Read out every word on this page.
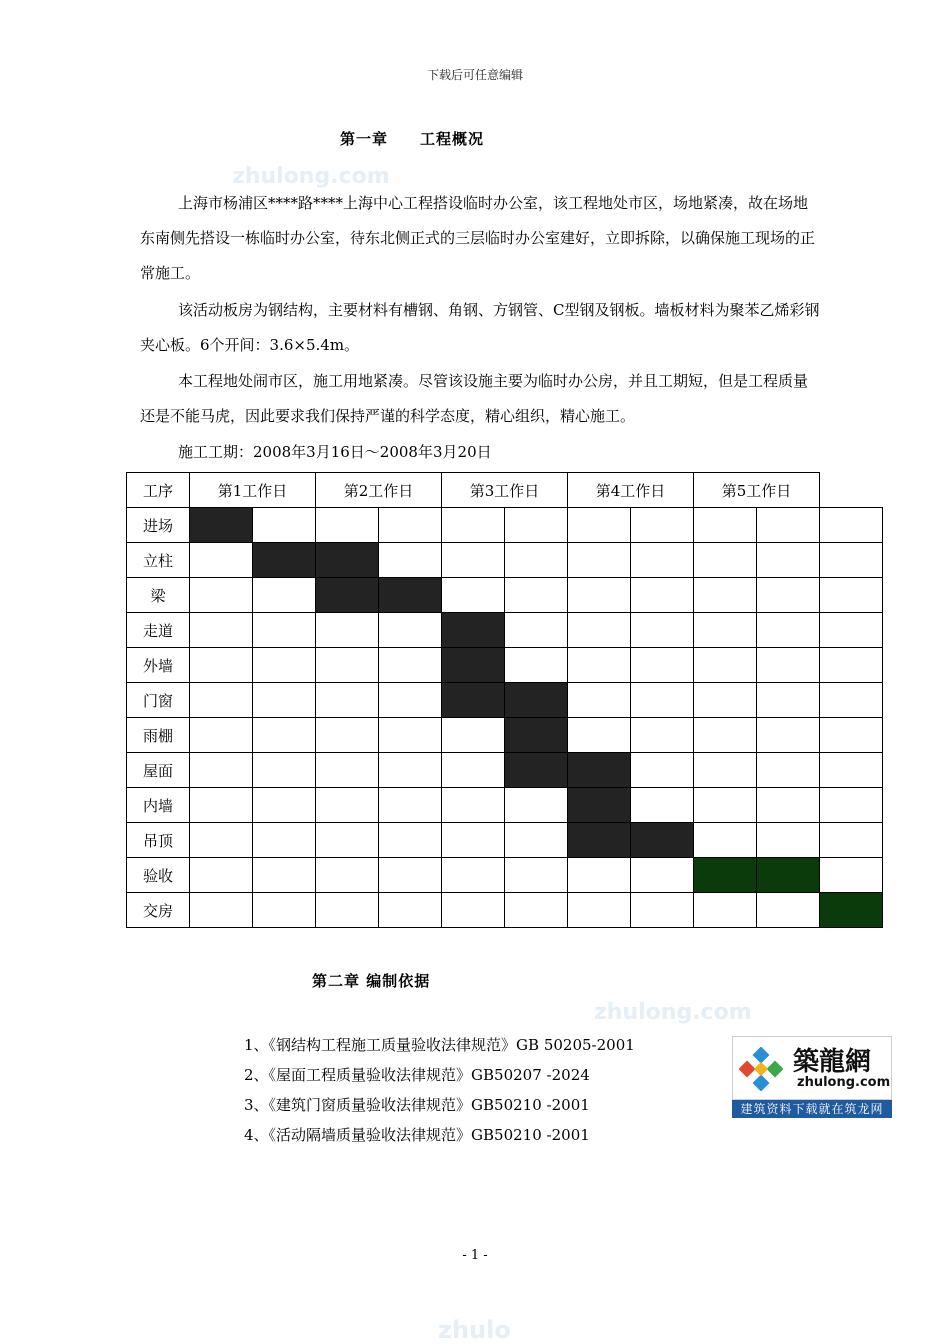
下载后可任意编辑
zhulong.com
zhulong.com
zhulo
第一章　　工程概况

上海市杨浦区****路****上海中心工程搭设临时办公室，该工程地处市区，场地紧凑，故在场地东南侧先搭设一栋临时办公室，待东北侧正式的三层临时办公室建好，立即拆除，以确保施工现场的正常施工。

该活动板房为钢结构，主要材料有槽钢、角钢、方钢管、C型钢及钢板。墙板材料为聚苯乙烯彩钢夹心板。6个开间：3.6×5.4m。

本工程地处闹市区，施工用地紧凑。尽管该设施主要为临时办公房，并且工期短，但是工程质量还是不能马虎，因此要求我们保持严谨的科学态度，精心组织，精心施工。

施工工期：2008年3月16日～2008年3月20日

工序	第1工作日		第2工作日		第3工作日		第4工作日		第5工作日		
进场											
立柱											
梁											
走道											
外墙											
门窗											
雨棚											
屋面											
内墙											
吊顶											
验收											
交房											
第二章 编制依据
1、《钢结构工程施工质量验收法律规范》GB 50205-2001
2、《屋面工程质量验收法律规范》GB50207 -2024
3、《建筑门窗质量验收法律规范》GB50210 -2001
4、《活动隔墙质量验收法律规范》GB50210 -2001
築龍網
zhulong.com
建筑资料下载就在筑龙网
- 1 -
